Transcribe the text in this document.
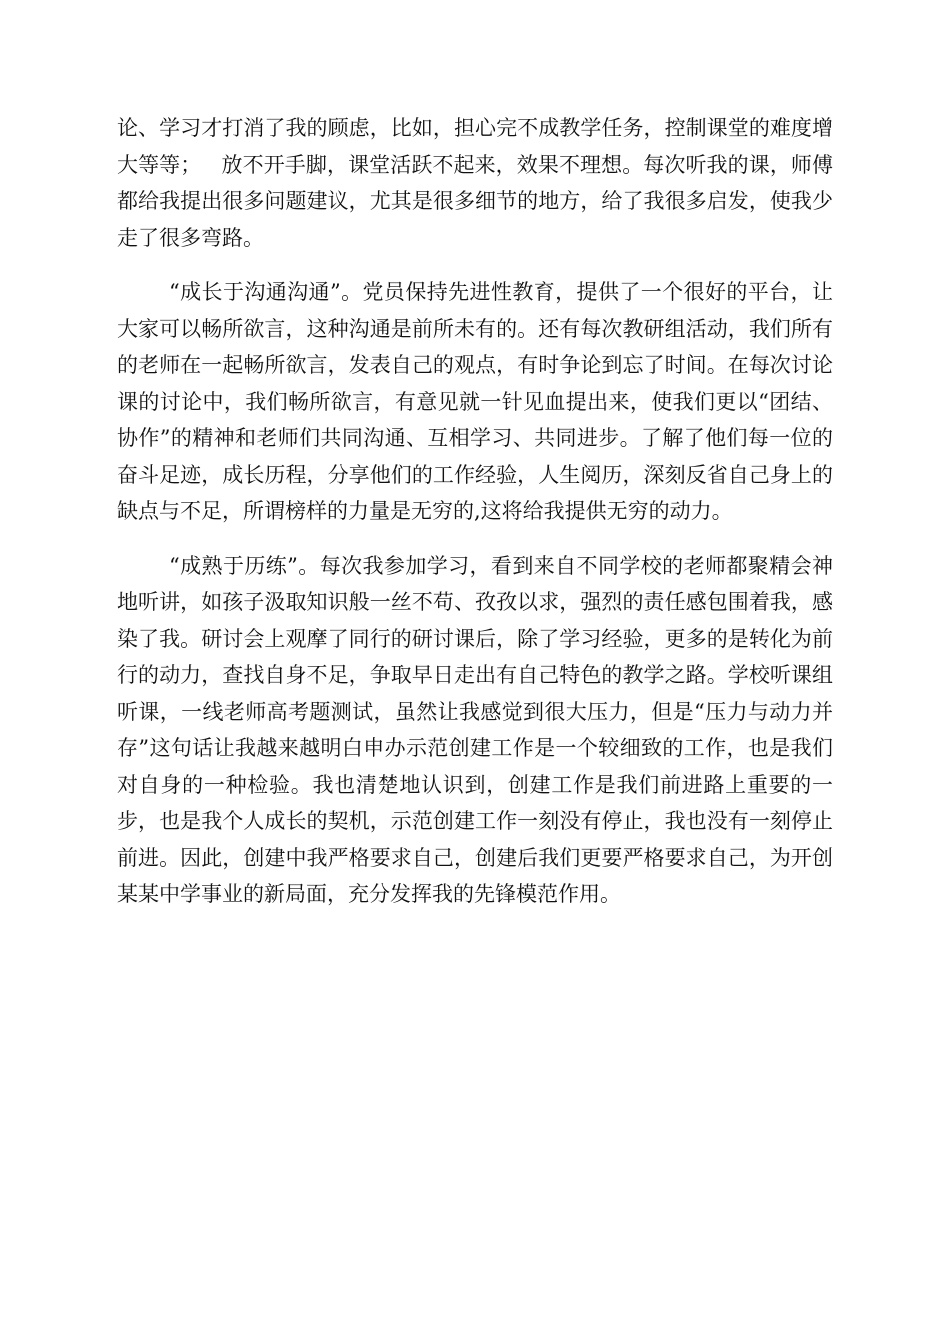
论、学习才打消了我的顾虑，比如，担心完不成教学任务，控制课堂的难度增大等等；   放不开手脚，课堂活跃不起来，效果不理想。每次听我的课，师傅都给我提出很多问题建议，尤其是很多细节的地方，给了我很多启发，使我少走了很多弯路。

“成长于沟通沟通”。党员保持先进性教育，提供了一个很好的平台，让大家可以畅所欲言，这种沟通是前所未有的。还有每次教研组活动，我们所有的老师在一起畅所欲言，发表自己的观点，有时争论到忘了时间。在每次讨论课的讨论中，我们畅所欲言，有意见就一针见血提出来，使我们更以“团结、协作”的精神和老师们共同沟通、互相学习、共同进步。了解了他们每一位的奋斗足迹，成长历程，分享他们的工作经验，人生阅历，深刻反省自己身上的缺点与不足，所谓榜样的力量是无穷的,这将给我提供无穷的动力。

“成熟于历练”。每次我参加学习，看到来自不同学校的老师都聚精会神地听讲，如孩子汲取知识般一丝不苟、孜孜以求，强烈的责任感包围着我，感染了我。研讨会上观摩了同行的研讨课后，除了学习经验，更多的是转化为前行的动力，查找自身不足，争取早日走出有自己特色的教学之路。学校听课组听课，一线老师高考题测试，虽然让我感觉到很大压力，但是“压力与动力并存”这句话让我越来越明白申办示范创建工作是一个较细致的工作，也是我们对自身的一种检验。我也清楚地认识到，创建工作是我们前进路上重要的一步，也是我个人成长的契机，示范创建工作一刻没有停止，我也没有一刻停止前进。因此，创建中我严格要求自己，创建后我们更要严格要求自己，为开创某某中学事业的新局面，充分发挥我的先锋模范作用。
